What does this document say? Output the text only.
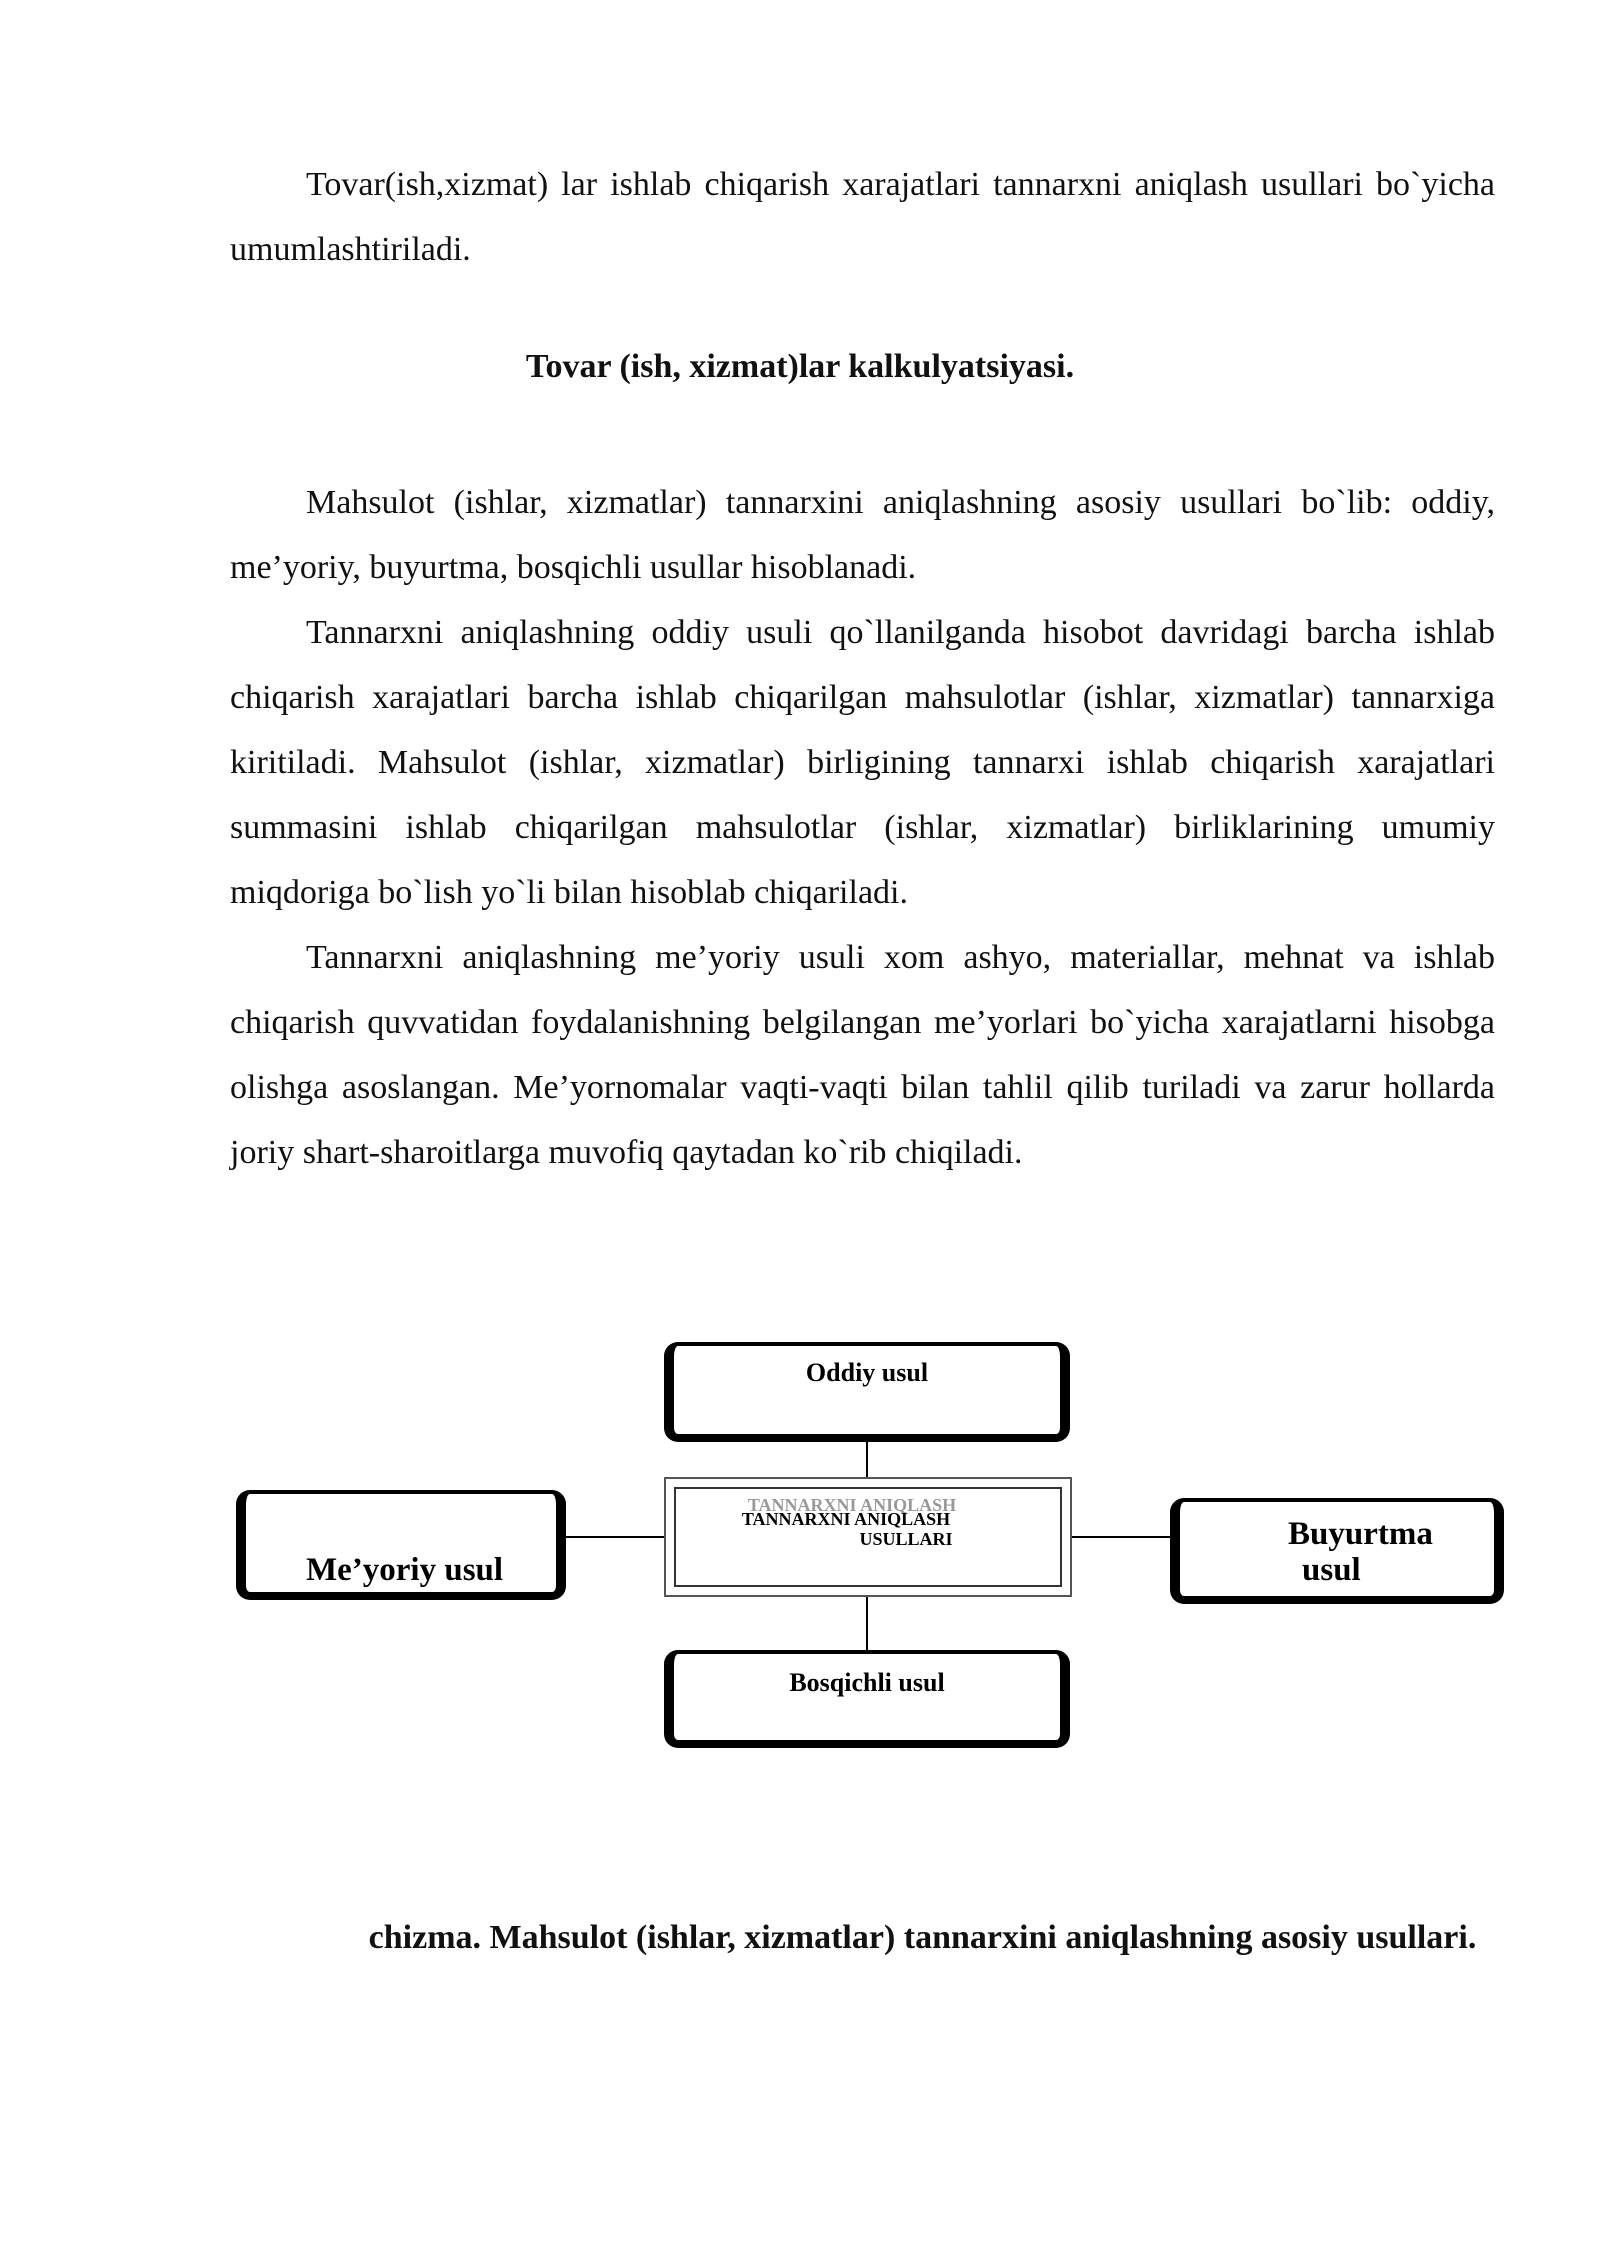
Tovar(ish,xizmat) lar ishlab chiqarish xarajatlari tannarxni aniqlash usullari bo`yicha umumlashtiriladi.

Tovar (ish, xizmat)lar kalkulyatsiyasi.

Mahsulot (ishlar, xizmatlar) tannarxini aniqlashning asosiy usullari bo`lib: oddiy, me’yoriy, buyurtma, bosqichli usullar hisoblanadi.

Tannarxni aniqlashning oddiy usuli qo`llanilganda hisobot davridagi barcha ishlab chiqarish xarajatlari barcha ishlab chiqarilgan mahsulotlar (ishlar, xizmatlar) tannarxiga kiritiladi. Mahsulot (ishlar, xizmatlar) birligining tannarxi ishlab chiqarish xarajatlari summasini ishlab chiqarilgan mahsulotlar (ishlar, xizmatlar) birliklarining umumiy miqdoriga bo`lish yo`li bilan hisoblab chiqariladi.

Tannarxni aniqlashning me’yoriy usuli xom ashyo, materiallar, mehnat va ishlab chiqarish quvvatidan foydalanishning belgilangan me’yorlari bo`yicha xarajatlarni hisobga olishga asoslangan. Me’yornomalar vaqti-vaqti bilan tahlil qilib turiladi va zarur hollarda joriy shart-sharoitlarga muvofiq qaytadan ko`rib chiqiladi.

TANNARXNI ANIQLASH
TANNARXNI ANIQLASH
USULLARI
Oddiy usul
Me’yoriy usul
Buyurtma
usul
Bosqichli usul

chizma. Mahsulot (ishlar, xizmatlar) tannarxini aniqlashning asosiy usullari.
